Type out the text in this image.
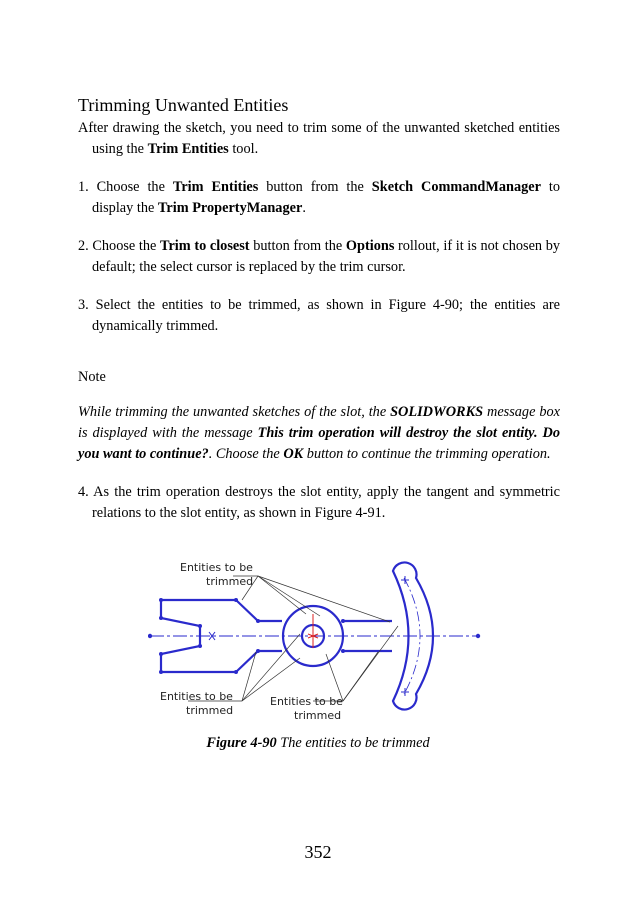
Trimming Unwanted Entities

After drawing the sketch, you need to trim some of the unwanted sketched entities using the Trim Entities tool.

1. Choose the Trim Entities button from the Sketch CommandManager to display the Trim PropertyManager.

2. Choose the Trim to closest button from the Options rollout, if it is not chosen by default; the select cursor is replaced by the trim cursor.

3. Select the entities to be trimmed, as shown in Figure 4-90; the entities are dynamically trimmed.

Note

While trimming the unwanted sketches of the slot, the SOLIDWORKS message box is displayed with the message This trim operation will destroy the slot entity. Do you want to continue?. Choose the OK button to continue the trimming operation.

4. As the trim operation destroys the slot entity, apply the tangent and symmetric relations to the slot entity, as shown in Figure 4-91.

Entities to be
trimmed
Entities to be
trimmed
Entities to be
trimmed
Figure 4-90 The entities to be trimmed
352
